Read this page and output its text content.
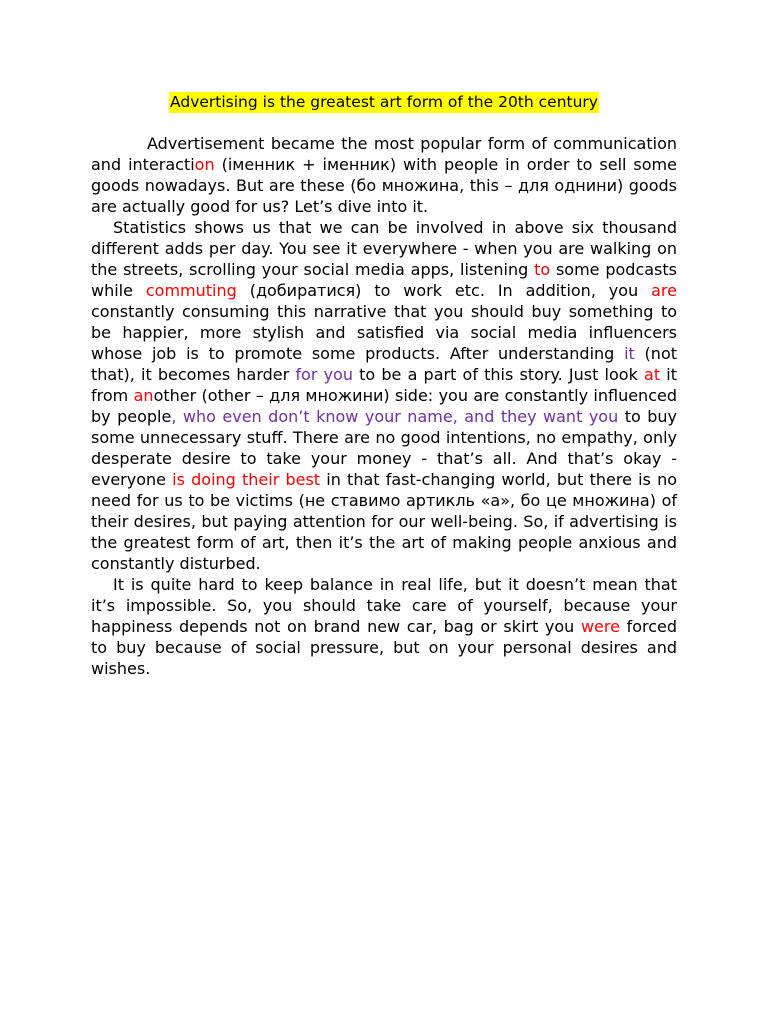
Advertising is the greatest art form of the 20th century

Advertisement became the most popular form of communication and interaction (іменник + іменник) with people in order to sell some goods nowadays. But are these (бо множина, this – для однини) goods are actually good for us? Let’s dive into it.

Statistics shows us that we can be involved in above six thousand different adds per day. You see it everywhere - when you are walking on the streets, scrolling your social media apps, listening to some podcasts while commuting (добиратися) to work etc. In addition, you are constantly consuming this narrative that you should buy something to be happier, more stylish and satisfied via social media influencers whose job is to promote some products. After understanding it (not that), it becomes harder for you to be a part of this story. Just look at it from another (other – для множини) side: you are constantly influenced by people, who even don’t know your name, and they want you to buy some unnecessary stuff. There are no good intentions, no empathy, only desperate desire to take your money - that’s all. And that’s okay - everyone is doing their best in that fast-changing world, but there is no need for us to be victims (не ставимо артикль «а», бо це множина) of their desires, but paying attention for our well-being. So, if advertising is the greatest form of art, then it’s the art of making people anxious and constantly disturbed.

It is quite hard to keep balance in real life, but it doesn’t mean that it’s impossible. So, you should take care of yourself, because your happiness depends not on brand new car, bag or skirt you were forced to buy because of social pressure, but on your personal desires and wishes.
